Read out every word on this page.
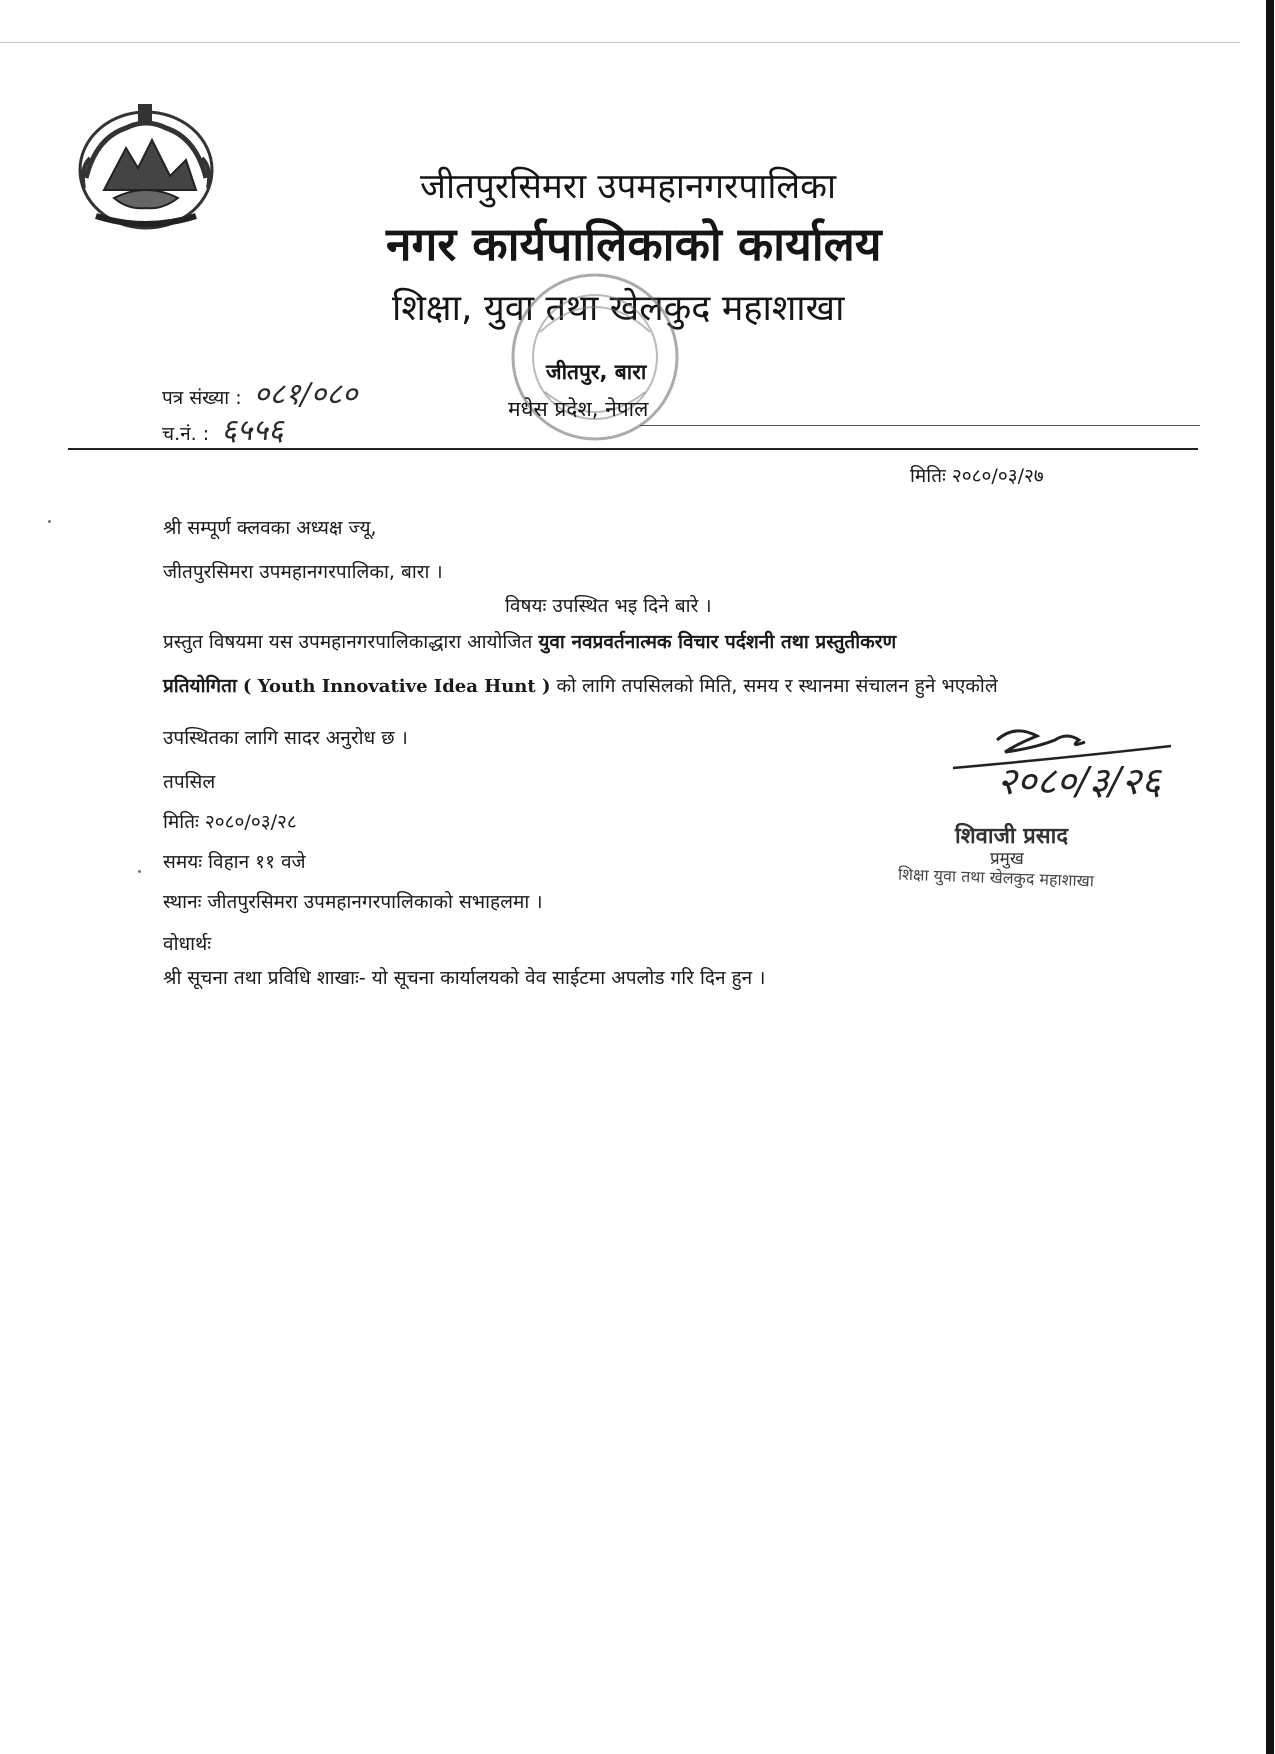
जीतपुरसिमरा उपमहानगरपालिका
नगर कार्यपालिकाको कार्यालय
शिक्षा, युवा तथा खेलकुद महाशाखा
जीतपुर, बारा
मधेस प्रदेश, नेपाल
पत्र संख्या : ०८१/०८०
च.नं. : ६५५६
मितिः २०८०/०३/२७
श्री सम्पूर्ण क्लवका अध्यक्ष ज्यू,
जीतपुरसिमरा उपमहानगरपालिका, बारा ।
विषयः उपस्थित भइ दिने बारे ।
प्रस्तुत विषयमा यस उपमहानगरपालिकाद्धारा आयोजित युवा नवप्रवर्तनात्मक विचार पर्दशनी तथा प्रस्तुतीकरण
प्रतियोगिता ( Youth Innovative Idea Hunt ) को लागि तपसिलको मिति, समय र स्थानमा संचालन हुने भएकोले
उपस्थितका लागि सादर अनुरोध छ ।
तपसिल
मितिः २०८०/०३/२८
समयः विहान ११ वजे
स्थानः जीतपुरसिमरा उपमहानगरपालिकाको सभाहलमा ।
वोधार्थः
श्री सूचना तथा प्रविधि शाखाः- यो सूचना कार्यालयको वेव साईटमा अपलोड गरि दिन हुन ।
२०८०/३/२६
शिवाजी प्रसाद
प्रमुख
शिक्षा युवा तथा खेलकुद महाशाखा
